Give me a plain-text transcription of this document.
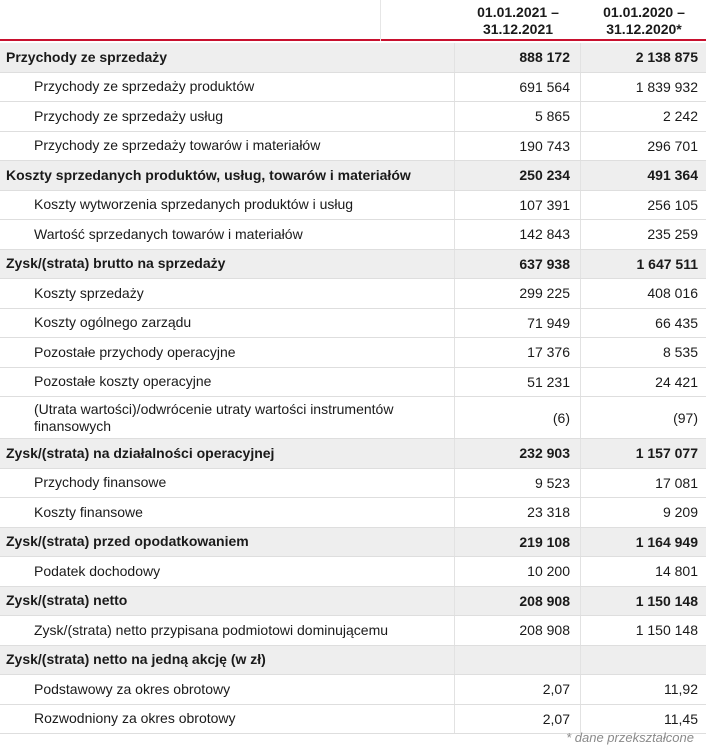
01.01.2021 –
31.12.2021
01.01.2020 –
31.12.2020*
Przychody ze sprzedaży	888 172	2 138 875
Przychody ze sprzedaży produktów	691 564	1 839 932
Przychody ze sprzedaży usług	5 865	2 242
Przychody ze sprzedaży towarów i materiałów	190 743	296 701
Koszty sprzedanych produktów, usług, towarów i materiałów	250 234	491 364
Koszty wytworzenia sprzedanych produktów i usług	107 391	256 105
Wartość sprzedanych towarów i materiałów	142 843	235 259
Zysk/(strata) brutto na sprzedaży	637 938	1 647 511
Koszty sprzedaży	299 225	408 016
Koszty ogólnego zarządu	71 949	66 435
Pozostałe przychody operacyjne	17 376	8 535
Pozostałe koszty operacyjne	51 231	24 421
(Utrata wartości)/odwrócenie utraty wartości instrumentów finansowych	(6)	(97)
Zysk/(strata) na działalności operacyjnej	232 903	1 157 077
Przychody finansowe	9 523	17 081
Koszty finansowe	23 318	9 209
Zysk/(strata) przed opodatkowaniem	219 108	1 164 949
Podatek dochodowy	10 200	14 801
Zysk/(strata) netto	208 908	1 150 148
Zysk/(strata) netto przypisana podmiotowi dominującemu	208 908	1 150 148
Zysk/(strata) netto na jedną akcję (w zł)
Podstawowy za okres obrotowy	2,07	11,92
Rozwodniony za okres obrotowy	2,07	11,45
* dane przekształcone
